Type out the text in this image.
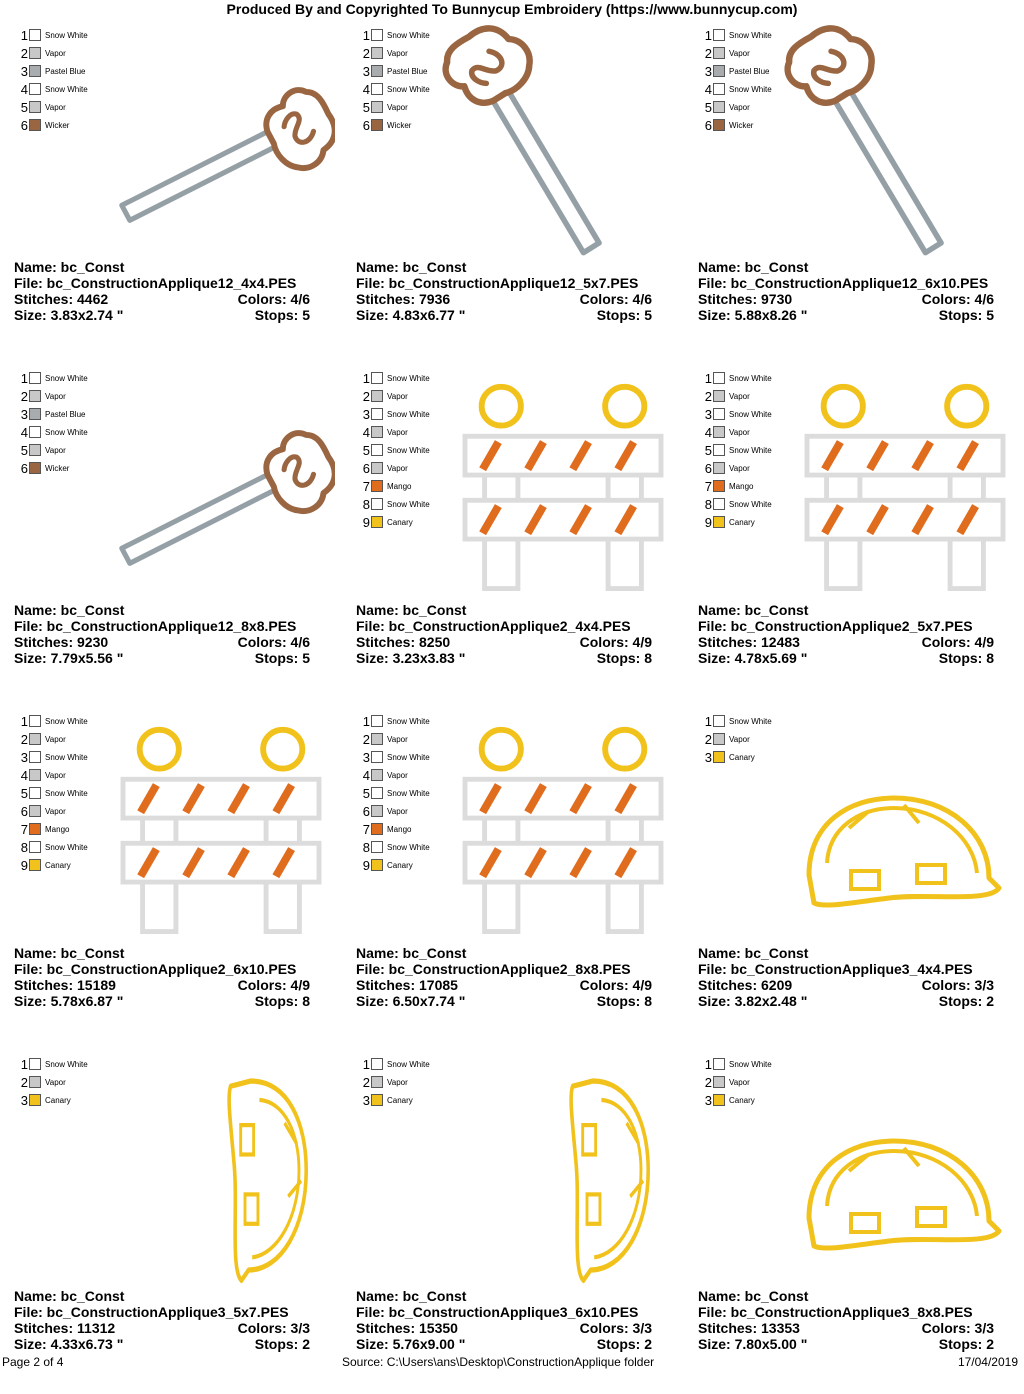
Produced By and Copyrighted To Bunnycup Embroidery (https://www.bunnycup.com)
1 Snow White
2 Vapor
3 Pastel Blue
4 Snow White
5 Vapor
6 Wicker
Name: bc_Const
File: bc_ConstructionApplique12_4x4.PES
Stitches: 4462	Colors: 4/6
Size: 3.83x2.74 "	Stops: 5
1 Snow White
2 Vapor
3 Pastel Blue
4 Snow White
5 Vapor
6 Wicker
Name: bc_Const
File: bc_ConstructionApplique12_5x7.PES
Stitches: 7936	Colors: 4/6
Size: 4.83x6.77 "	Stops: 5
1 Snow White
2 Vapor
3 Pastel Blue
4 Snow White
5 Vapor
6 Wicker
Name: bc_Const
File: bc_ConstructionApplique12_6x10.PES
Stitches: 9730	Colors: 4/6
Size: 5.88x8.26 "	Stops: 5
1 Snow White
2 Vapor
3 Pastel Blue
4 Snow White
5 Vapor
6 Wicker
Name: bc_Const
File: bc_ConstructionApplique12_8x8.PES
Stitches: 9230	Colors: 4/6
Size: 7.79x5.56 "	Stops: 5
1 Snow White
2 Vapor
3 Snow White
4 Vapor
5 Snow White
6 Vapor
7 Mango
8 Snow White
9 Canary
Name: bc_Const
File: bc_ConstructionApplique2_4x4.PES
Stitches: 8250	Colors: 4/9
Size: 3.23x3.83 "	Stops: 8
1 Snow White
2 Vapor
3 Snow White
4 Vapor
5 Snow White
6 Vapor
7 Mango
8 Snow White
9 Canary
Name: bc_Const
File: bc_ConstructionApplique2_5x7.PES
Stitches: 12483	Colors: 4/9
Size: 4.78x5.69 "	Stops: 8
1 Snow White
2 Vapor
3 Snow White
4 Vapor
5 Snow White
6 Vapor
7 Mango
8 Snow White
9 Canary
Name: bc_Const
File: bc_ConstructionApplique2_6x10.PES
Stitches: 15189	Colors: 4/9
Size: 5.78x6.87 "	Stops: 8
1 Snow White
2 Vapor
3 Snow White
4 Vapor
5 Snow White
6 Vapor
7 Mango
8 Snow White
9 Canary
Name: bc_Const
File: bc_ConstructionApplique2_8x8.PES
Stitches: 17085	Colors: 4/9
Size: 6.50x7.74 "	Stops: 8
1 Snow White
2 Vapor
3 Canary
Name: bc_Const
File: bc_ConstructionApplique3_4x4.PES
Stitches: 6209	Colors: 3/3
Size: 3.82x2.48 "	Stops: 2
1 Snow White
2 Vapor
3 Canary
Name: bc_Const
File: bc_ConstructionApplique3_5x7.PES
Stitches: 11312	Colors: 3/3
Size: 4.33x6.73 "	Stops: 2
1 Snow White
2 Vapor
3 Canary
Name: bc_Const
File: bc_ConstructionApplique3_6x10.PES
Stitches: 15350	Colors: 3/3
Size: 5.76x9.00 "	Stops: 2
1 Snow White
2 Vapor
3 Canary
Name: bc_Const
File: bc_ConstructionApplique3_8x8.PES
Stitches: 13353	Colors: 3/3
Size: 7.80x5.00 "	Stops: 2
Page 2 of 4	Source: C:\Users\ans\Desktop\ConstructionApplique folder	17/04/2019
